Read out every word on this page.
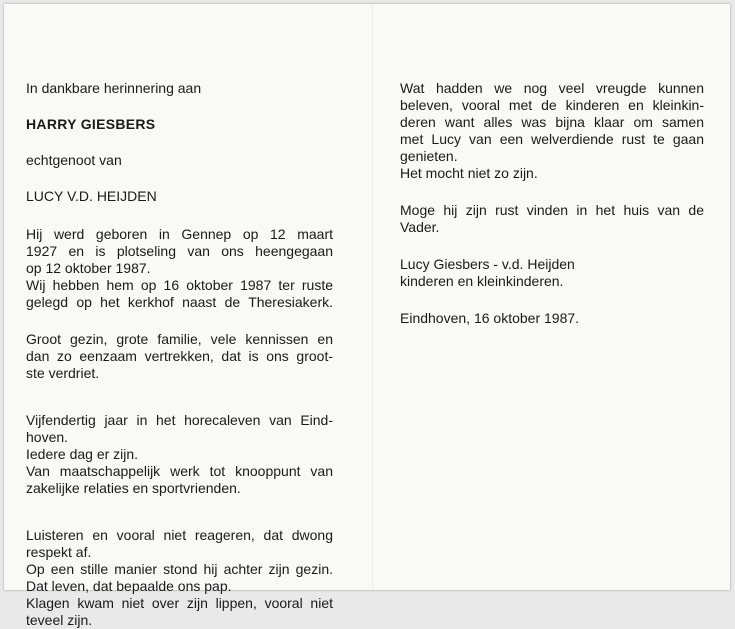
In dankbare herinnering aan

HARRY GIESBERS

echtgenoot van

LUCY V.D. HEIJDEN

Hij werd geboren in Gennep op 12 maart
1927 en is plotseling van ons heengegaan
op 12 oktober 1987.
Wij hebben hem op 16 oktober 1987 ter ruste
gelegd op het kerkhof naast de Theresiakerk.

Groot gezin, grote familie, vele kennissen en
dan zo eenzaam vertrekken, dat is ons groot-
ste verdriet.

Vijfendertig jaar in het horecaleven van Eind-
hoven.
Iedere dag er zijn.
Van maatschappelijk werk tot knooppunt van
zakelijke relaties en sportvrienden.

Luisteren en vooral niet reageren, dat dwong
respekt af.
Op een stille manier stond hij achter zijn gezin.
Dat leven, dat bepaalde ons pap.
Klagen kwam niet over zijn lippen, vooral niet
teveel zijn.

Wat hadden we nog veel vreugde kunnen
beleven, vooral met de kinderen en kleinkin-
deren want alles was bijna klaar om samen
met Lucy van een welverdiende rust te gaan
genieten.
Het mocht niet zo zijn.

Moge hij zijn rust vinden in het huis van de
Vader.

Lucy Giesbers - v.d. Heijden
kinderen en kleinkinderen.

Eindhoven, 16 oktober 1987.
